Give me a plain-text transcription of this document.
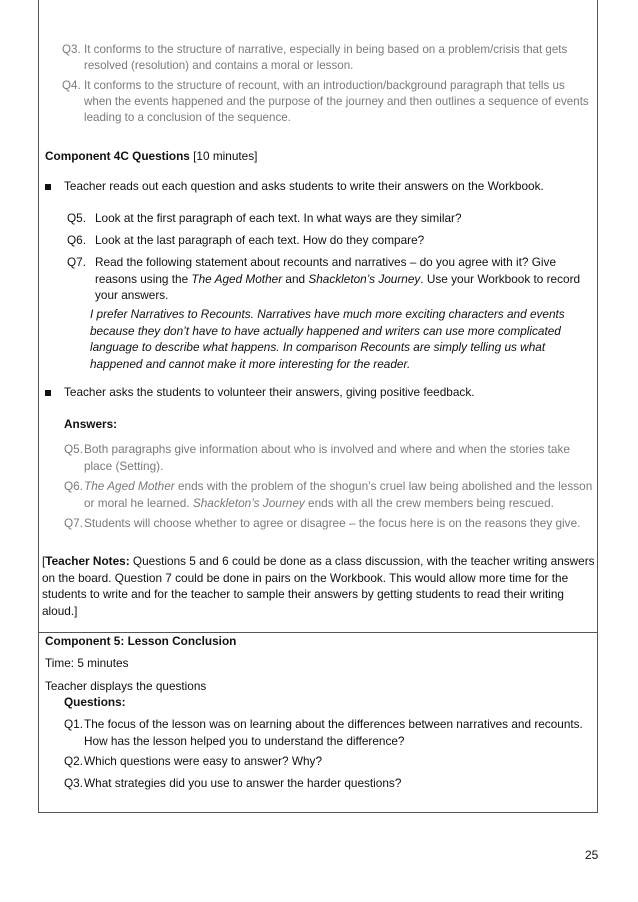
Q3. It conforms to the structure of narrative, especially in being based on a problem/crisis that gets resolved (resolution) and contains a moral or lesson.
Q4. It conforms to the structure of recount, with an introduction/background paragraph that tells us when the events happened and the purpose of the journey and then outlines a sequence of events leading to a conclusion of the sequence.
Component 4C Questions [10 minutes]
Teacher reads out each question and asks students to write their answers on the Workbook.
Q5. Look at the first paragraph of each text. In what ways are they similar?
Q6. Look at the last paragraph of each text. How do they compare?
Q7. Read the following statement about recounts and narratives – do you agree with it? Give reasons using the The Aged Mother and Shackleton’s Journey. Use your Workbook to record your answers.
I prefer Narratives to Recounts. Narratives have much more exciting characters and events because they don’t have to have actually happened and writers can use more complicated language to describe what happens. In comparison Recounts are simply telling us what happened and cannot make it more interesting for the reader.
Teacher asks the students to volunteer their answers, giving positive feedback.
Answers:
Q5. Both paragraphs give information about who is involved and where and when the stories take place (Setting).
Q6. The Aged Mother ends with the problem of the shogun’s cruel law being abolished and the lesson or moral he learned. Shackleton’s Journey ends with all the crew members being rescued.
Q7. Students will choose whether to agree or disagree – the focus here is on the reasons they give.
[Teacher Notes: Questions 5 and 6 could be done as a class discussion, with the teacher writing answers on the board. Question 7 could be done in pairs on the Workbook. This would allow more time for the students to write and for the teacher to sample their answers by getting students to read their writing aloud.]
Component 5: Lesson Conclusion
Time: 5 minutes
Teacher displays the questions
Questions:
Q1. The focus of the lesson was on learning about the differences between narratives and recounts. How has the lesson helped you to understand the difference?
Q2. Which questions were easy to answer? Why?
Q3. What strategies did you use to answer the harder questions?
25
